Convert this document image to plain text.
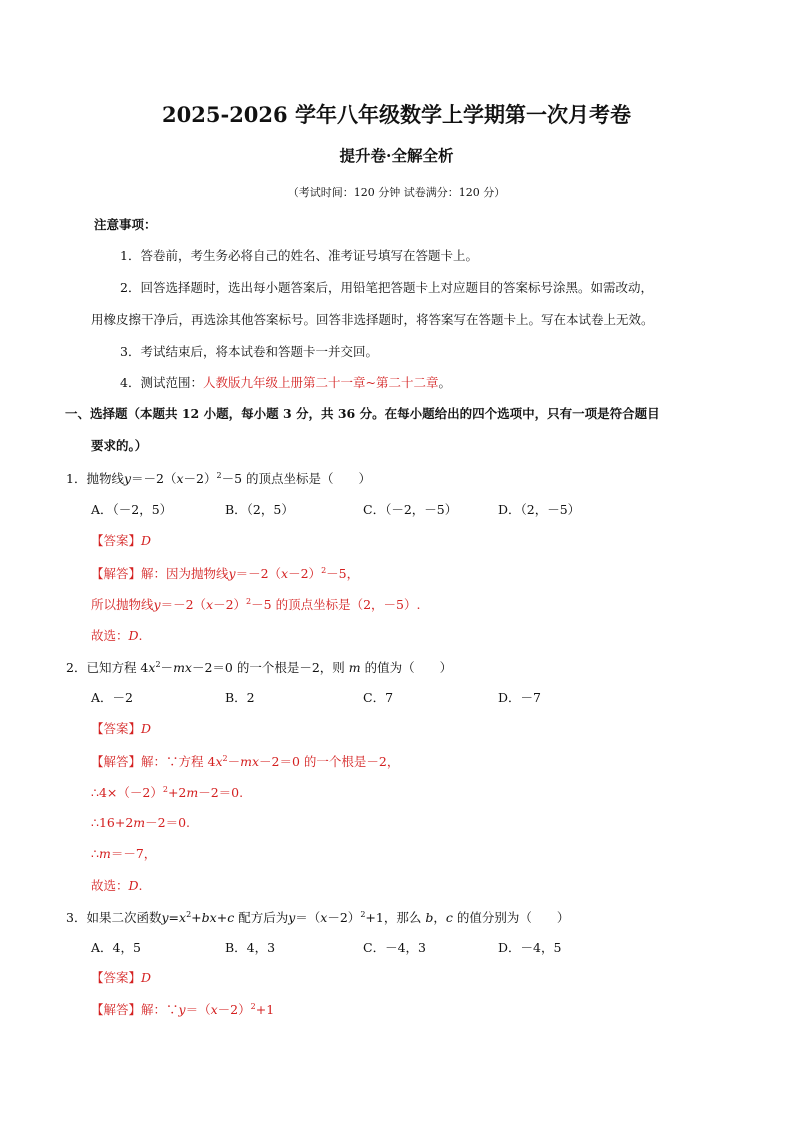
2025-2026 学年八年级数学上学期第一次月考卷
提升卷·全解全析
（考试时间：120 分钟 试卷满分：120 分）
注意事项：
1．答卷前，考生务必将自己的姓名、准考证号填写在答题卡上。
2．回答选择题时，选出每小题答案后，用铅笔把答题卡上对应题目的答案标号涂黑。如需改动，
用橡皮擦干净后，再选涂其他答案标号。回答非选择题时，将答案写在答题卡上。写在本试卷上无效。
3．考试结束后，将本试卷和答题卡一并交回。
4．测试范围：人教版九年级上册第二十一章~第二十二章。
一、选择题（本题共 12 小题，每小题 3 分，共 36 分。在每小题给出的四个选项中，只有一项是符合题目
要求的。）
1．抛物线$y=-2(x-2)^2-5$ 的顶点坐标是（　　）
A．（－2，5）	B．（2，5）	C．（－2，－5）	D．（2，－5）
【答案】D
【解答】解：因为抛物线$y=-2(x-2)^2-5$，
所以抛物线$y=-2(x-2)^2-5$ 的顶点坐标是（2，－5）.
故选：D.
2．已知方程 $4x^2-mx-2=0$ 的一个根是－2，则 m 的值为（　　）
A．－2	B．2	C．7	D．－7
【答案】D
【解答】解：∵方程 $4x^2-mx-2=0$ 的一个根是－2，
$\therefore 4\times(-2)^2+2m-2=0$.
∴16+2m－2＝0.
∴m＝－7，
故选：D.
3．如果二次函数$y=x^2+bx+c$ 配方后为$y=(x-2)^2+1$，那么 b，c 的值分别为（　　）
A．4，5	B．4，3	C．－4，3	D．－4，5
【答案】D
【解答】解：$\because y=(x-2)^2+1$
